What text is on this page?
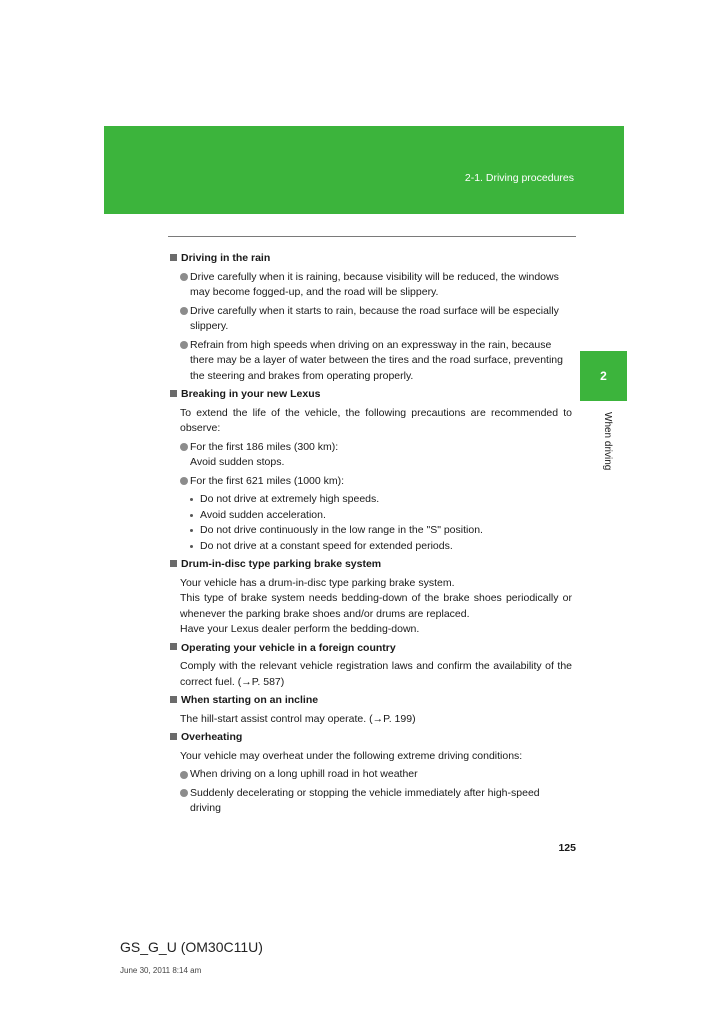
2-1. Driving procedures
2
When driving
Driving in the rain
Drive carefully when it is raining, because visibility will be reduced, the windows may become fogged-up, and the road will be slippery.
Drive carefully when it starts to rain, because the road surface will be especially slippery.
Refrain from high speeds when driving on an expressway in the rain, because there may be a layer of water between the tires and the road surface, preventing the steering and brakes from operating properly.
Breaking in your new Lexus
To extend the life of the vehicle, the following precautions are recommended to observe:
For the first 186 miles (300 km):
Avoid sudden stops.
For the first 621 miles (1000 km):
Do not drive at extremely high speeds.
Avoid sudden acceleration.
Do not drive continuously in the low range in the "S" position.
Do not drive at a constant speed for extended periods.
Drum-in-disc type parking brake system
Your vehicle has a drum-in-disc type parking brake system.
This type of brake system needs bedding-down of the brake shoes periodically or whenever the parking brake shoes and/or drums are replaced.
Have your Lexus dealer perform the bedding-down.
Operating your vehicle in a foreign country
Comply with the relevant vehicle registration laws and confirm the availability of the correct fuel. (→P. 587)
When starting on an incline
The hill-start assist control may operate. (→P. 199)
Overheating
Your vehicle may overheat under the following extreme driving conditions:
When driving on a long uphill road in hot weather
Suddenly decelerating or stopping the vehicle immediately after high-speed driving
125
GS_G_U (OM30C11U)
June 30, 2011 8:14 am
